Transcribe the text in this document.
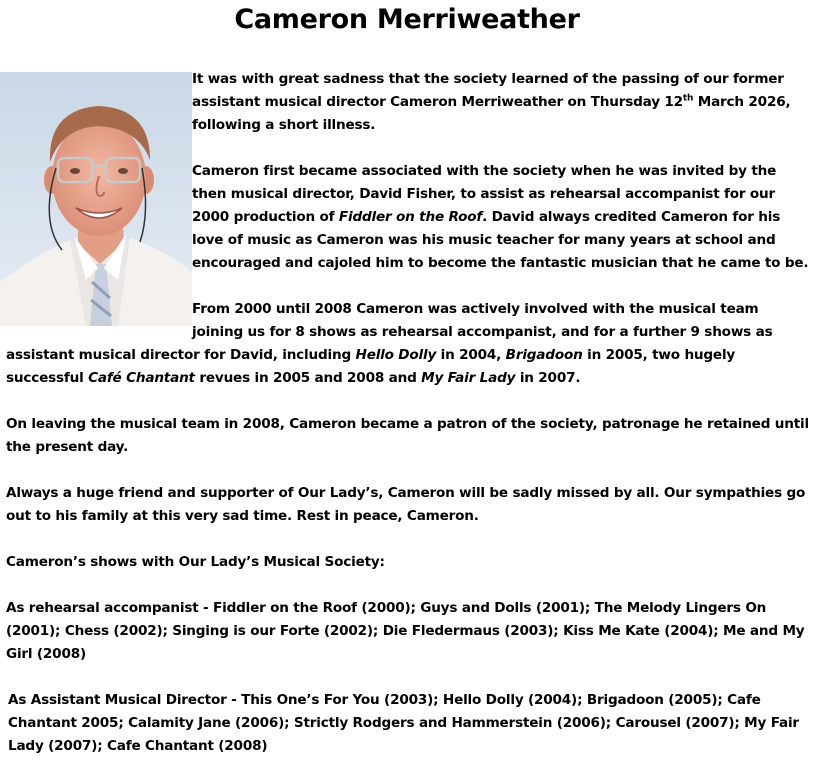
Cameron Merriweather

It was with great sadness that the society learned of the passing of our former assistant musical director Cameron Merriweather on Thursday 12th March 2026, following a short illness.

Cameron first became associated with the society when he was invited by the then musical director, David Fisher, to assist as rehearsal accompanist for our 2000 production of Fiddler on the Roof. David always credited Cameron for his love of music as Cameron was his music teacher for many years at school and encouraged and cajoled him to become the fantastic musician that he came to be.

From 2000 until 2008 Cameron was actively involved with the musical team joining us for 8 shows as rehearsal accompanist, and for a further 9 shows as assistant musical director for David, including Hello Dolly in 2004, Brigadoon in 2005, two hugely successful Café Chantant revues in 2005 and 2008 and My Fair Lady in 2007.

On leaving the musical team in 2008, Cameron became a patron of the society, patronage he retained until the present day.

Always a huge friend and supporter of Our Lady’s, Cameron will be sadly missed by all. Our sympathies go out to his family at this very sad time. Rest in peace, Cameron.

Cameron’s shows with Our Lady’s Musical Society:

As rehearsal accompanist - Fiddler on the Roof (2000); Guys and Dolls (2001); The Melody Lingers On (2001); Chess (2002); Singing is our Forte (2002); Die Fledermaus (2003); Kiss Me Kate (2004); Me and My Girl (2008)

As Assistant Musical Director - This One’s For You (2003); Hello Dolly (2004); Brigadoon (2005); Cafe Chantant 2005; Calamity Jane (2006); Strictly Rodgers and Hammerstein (2006); Carousel (2007); My Fair Lady (2007); Cafe Chantant (2008)
